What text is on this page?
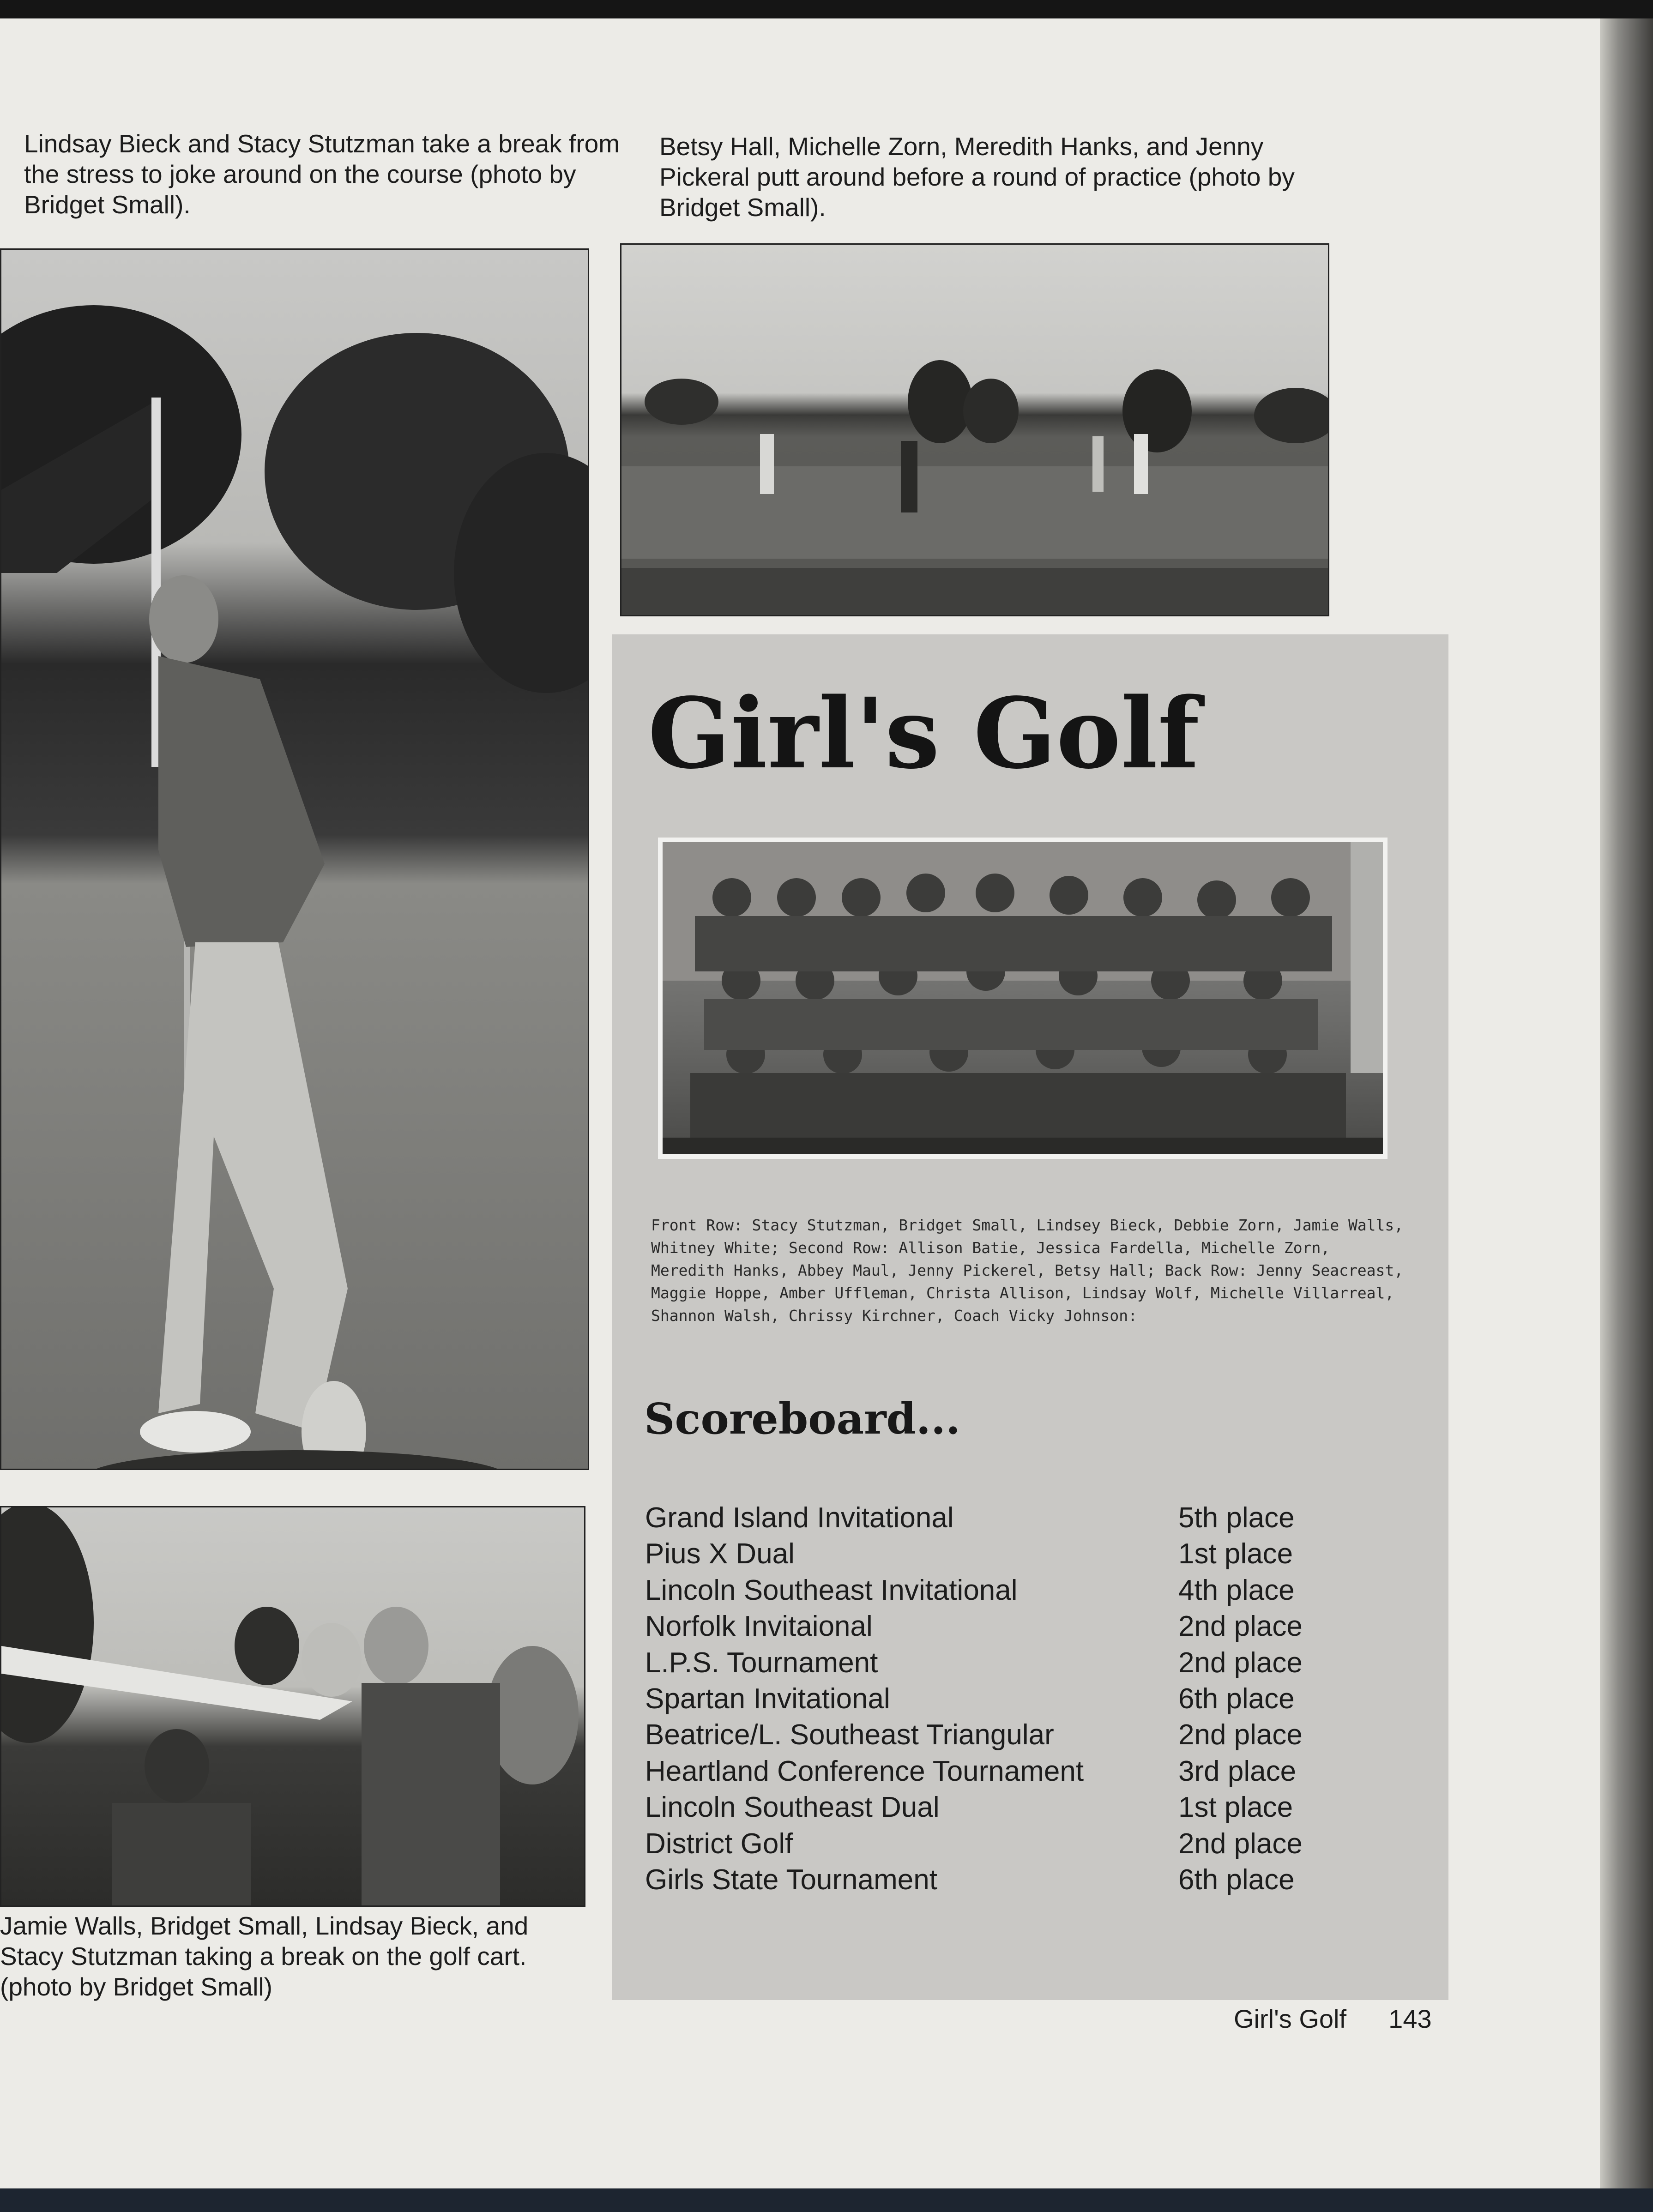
Lindsay Bieck and Stacy Stutzman take a break from the stress to joke around on the course (photo by Bridget Small).

Betsy Hall, Michelle Zorn, Meredith Hanks, and Jenny Pickeral putt around before a round of practice (photo by Bridget Small).

Jamie Walls, Bridget Small, Lindsay Bieck, and Stacy Stutzman taking a break on the golf cart. (photo by Bridget Small)

Girl's Golf

Front Row: Stacy Stutzman, Bridget Small, Lindsey Bieck, Debbie Zorn, Jamie Walls, Whitney White; Second Row: Allison Batie, Jessica Fardella, Michelle Zorn, Meredith Hanks, Abbey Maul, Jenny Pickerel, Betsy Hall; Back Row: Jenny Seacreast, Maggie Hoppe, Amber Uffleman, Christa Allison, Lindsay Wolf, Michelle Villarreal, Shannon Walsh, Chrissy Kirchner, Coach Vicky Johnson:

Scoreboard...
Grand Island Invitational	5th place
Pius X Dual	1st place
Lincoln Southeast Invitational	4th place
Norfolk Invitaional	2nd place
L.P.S. Tournament	2nd place
Spartan Invitational	6th place
Beatrice/L. Southeast Triangular	2nd place
Heartland Conference Tournament	3rd place
Lincoln Southeast Dual	1st place
District Golf	2nd place
Girls State Tournament	6th place

Girl's Golf 143
